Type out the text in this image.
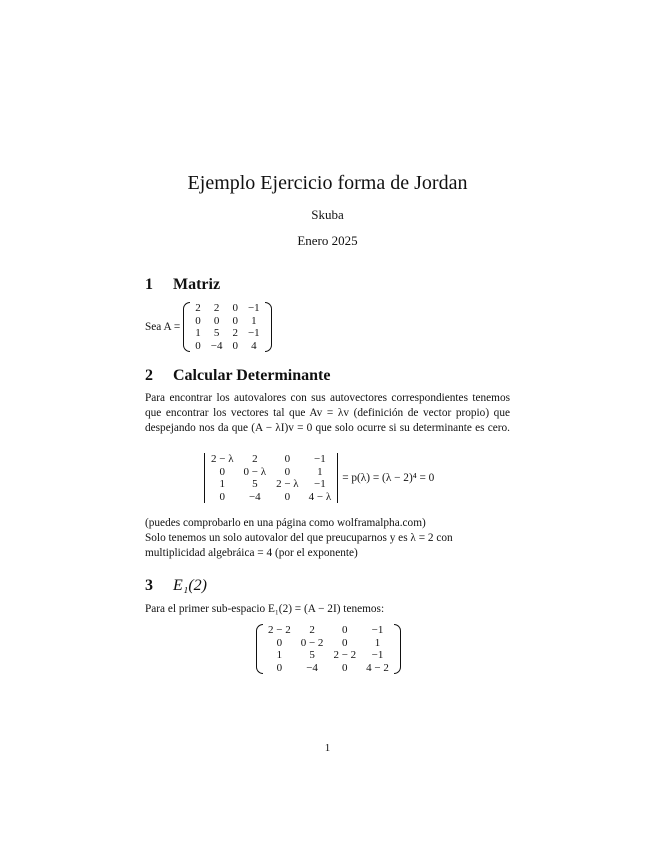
Ejemplo Ejercicio forma de Jordan
Skuba
Enero 2025
1 Matriz
Sea A =
2	2	0	−1
0	0	0	1
1	5	2	−1
0	−4	0	4
2 Calcular Determinante
Para encontrar los autovalores con sus autovectores correspondientes tenemos
que encontrar los vectores tal que Av = λv (definición de vector propio) que
despejando nos da que (A − λI)v = 0 que solo ocurre si su determinante es cero.
2 − λ	2	0	−1
0	0 − λ	0	1
1	5	2 − λ	−1
0	−4	0	4 − λ
= p(λ) = (λ − 2)⁴ = 0
(puedes comprobarlo en una página como wolframalpha.com)
Solo tenemos un solo autovalor del que preucuparnos y es λ = 2 con
multiplicidad algebráica = 4 (por el exponente)
3 E₁(2)
Para el primer sub-espacio E₁(2) = (A − 2I) tenemos:
2 − 2	2	0	−1
0	0 − 2	0	1
1	5	2 − 2	−1
0	−4	0	4 − 2
1
